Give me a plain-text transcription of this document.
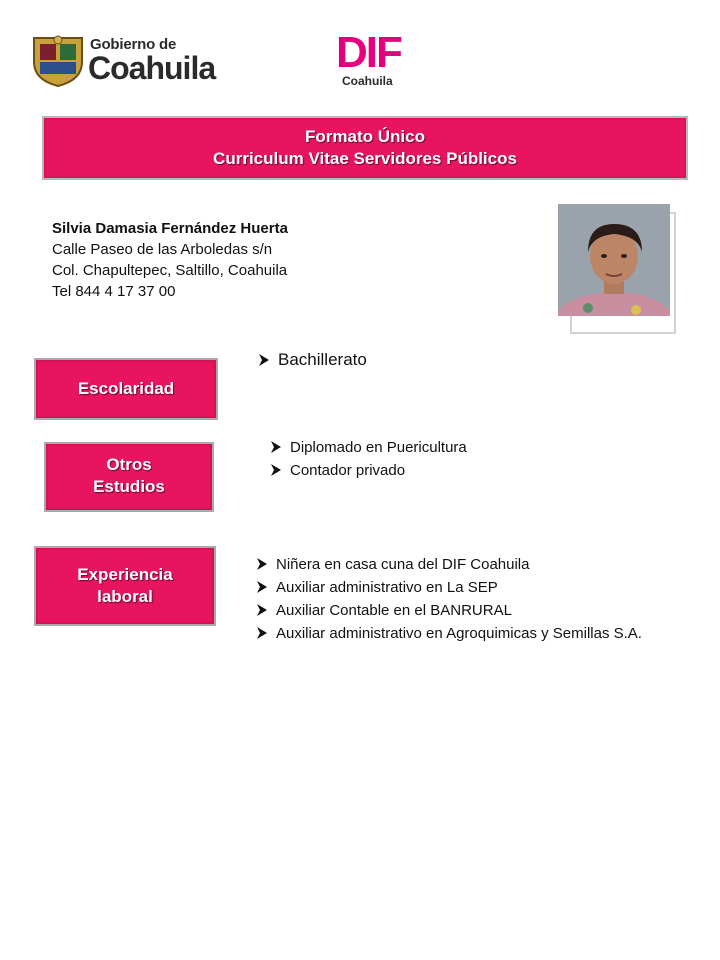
Gobierno de
Coahuila	DIF
Coahuila
Formato Único
Curriculum Vitae Servidores Públicos
Silvia Damasia Fernández Huerta
Calle Paseo de las Arboledas s/n
Col. Chapultepec, Saltillo, Coahuila
Tel 844 4 17 37 00
Escolaridad
Bachillerato
Otros
Estudios
Diplomado en Puericultura
Contador privado
Experiencia
laboral
Niñera en casa cuna del DIF Coahuila
Auxiliar administrativo en La SEP
Auxiliar Contable en el BANRURAL
Auxiliar administrativo en Agroquimicas y Semillas S.A.
